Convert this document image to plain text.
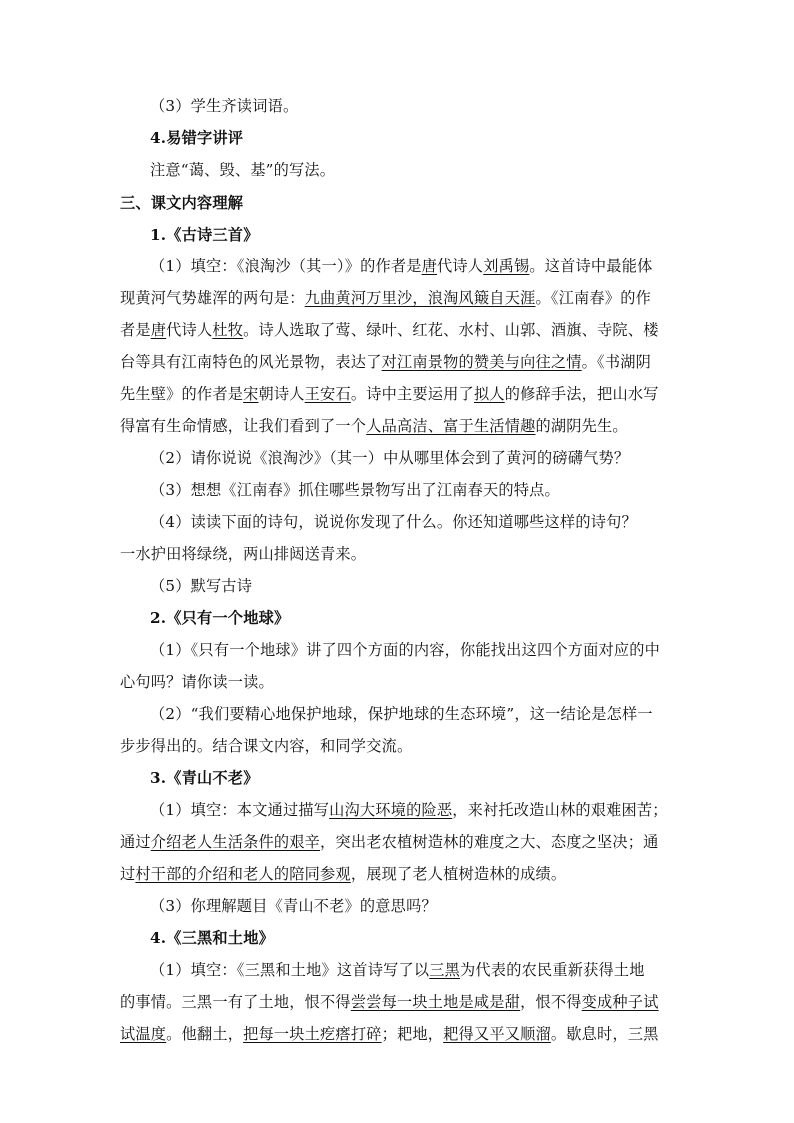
（3）学生齐读词语。
4.易错字讲评
注意“蔼、毁、基”的写法。
三、课文内容理解
1.《古诗三首》
（1）填空：《浪淘沙（其一）》的作者是唐代诗人刘禹锡。这首诗中最能体
现黄河气势雄浑的两句是：九曲黄河万里沙，浪淘风簸自天涯。《江南春》的作
者是唐代诗人杜牧。诗人选取了莺、绿叶、红花、水村、山郭、酒旗、寺院、楼
台等具有江南特色的风光景物，表达了对江南景物的赞美与向往之情。《书湖阴
先生壁》的作者是宋朝诗人王安石。诗中主要运用了拟人的修辞手法，把山水写
得富有生命情感，让我们看到了一个人品高洁、富于生活情趣的湖阴先生。
（2）请你说说《浪淘沙》（其一）中从哪里体会到了黄河的磅礴气势？
（3）想想《江南春》抓住哪些景物写出了江南春天的特点。
（4）读读下面的诗句，说说你发现了什么。你还知道哪些这样的诗句？
一水护田将绿绕，两山排闼送青来。
（5）默写古诗
2.《只有一个地球》
（1）《只有一个地球》讲了四个方面的内容，你能找出这四个方面对应的中
心句吗？请你读一读。
（2）“我们要精心地保护地球，保护地球的生态环境”，这一结论是怎样一
步步得出的。结合课文内容，和同学交流。
3.《青山不老》
（1）填空：本文通过描写山沟大环境的险恶，来衬托改造山林的艰难困苦；
通过介绍老人生活条件的艰辛，突出老农植树造林的难度之大、态度之坚决；通
过村干部的介绍和老人的陪同参观，展现了老人植树造林的成绩。
（3）你理解题目《青山不老》的意思吗？
4.《三黑和土地》
（1）填空：《三黑和土地》这首诗写了以三黑为代表的农民重新获得土地
的事情。三黑一有了土地，恨不得尝尝每一块土地是咸是甜，恨不得变成种子试
试温度。他翻土，把每一块土疙瘩打碎；耙地，耙得又平又顺溜。歇息时，三黑
